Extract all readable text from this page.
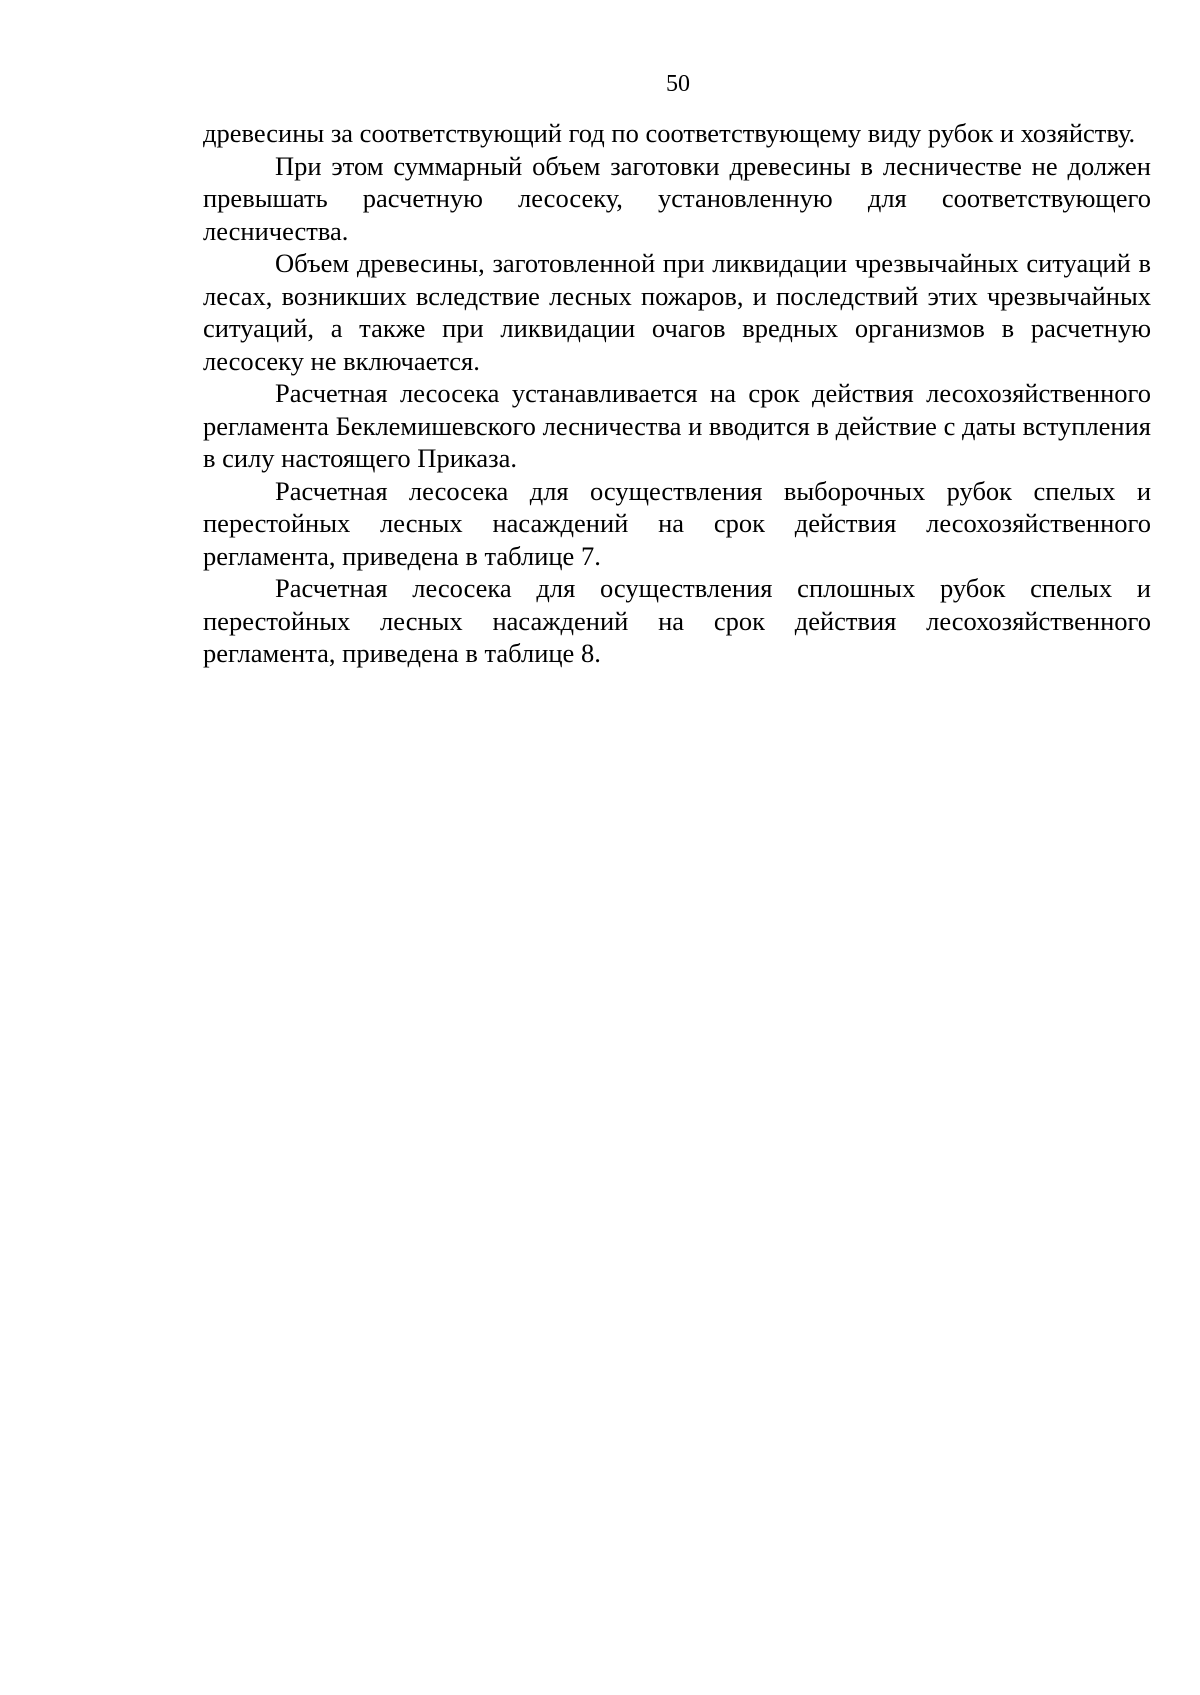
50

древесины за соответствующий год по соответствующему виду рубок и хозяйству.

При этом суммарный объем заготовки древесины в лесничестве не должен превышать расчетную лесосеку, установленную для соответствующего лесничества.

Объем древесины, заготовленной при ликвидации чрезвычайных ситуаций в лесах, возникших вследствие лесных пожаров, и последствий этих чрезвычайных ситуаций, а также при ликвидации очагов вредных организмов в расчетную лесосеку не включается.

Расчетная лесосека устанавливается на срок действия лесохозяйственного регламента Беклемишевского лесничества и вводится в действие с даты вступления в силу настоящего Приказа.

Расчетная лесосека для осуществления выборочных рубок спелых и перестойных лесных насаждений на срок действия лесохозяйственного регламента, приведена в таблице 7.

Расчетная лесосека для осуществления сплошных рубок спелых и перестойных лесных насаждений на срок действия лесохозяйственного регламента, приведена в таблице 8.
